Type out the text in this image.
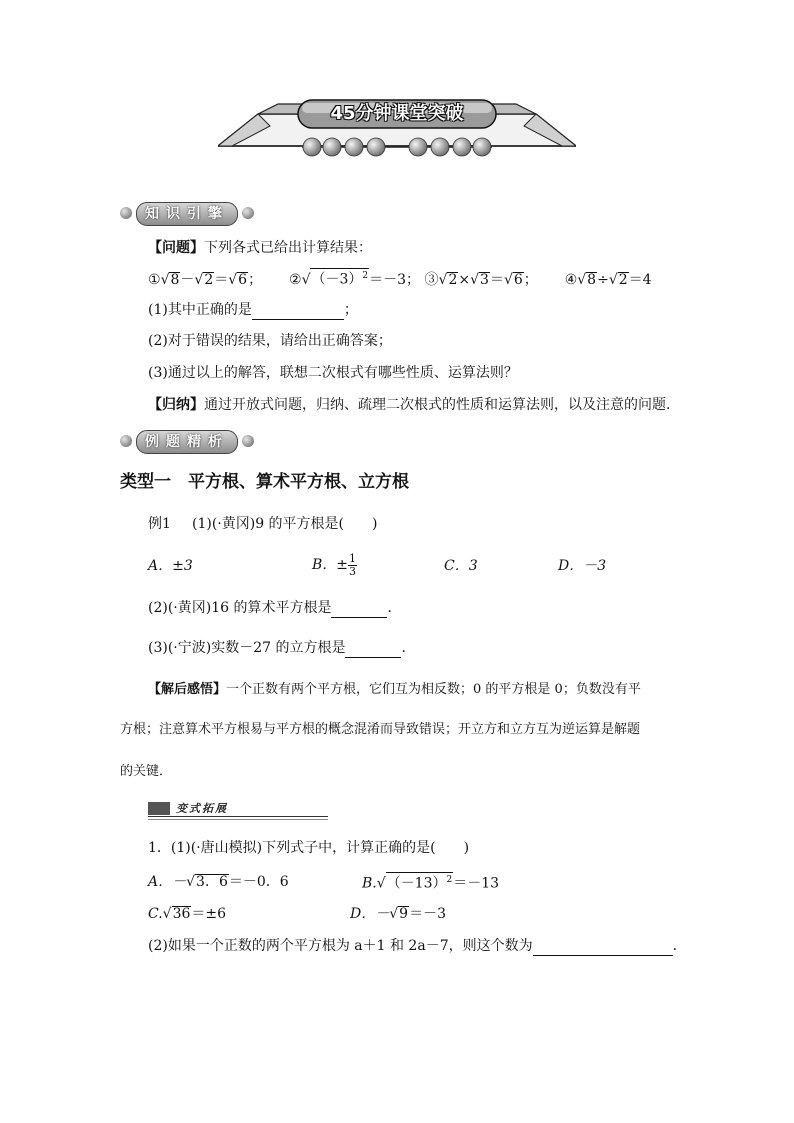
45分钟课堂突破
知识引擎
【问题】下列各式已给出计算结果：
①√8－√2＝√6； $②√(-3)^2=-3$； ③√2×√3＝√6； ④√8÷√2＝4
(1)其中正确的是	；
(2)对于错误的结果，请给出正确答案；
(3)通过以上的解答，联想二次根式有哪些性质、运算法则？
【归纳】通过开放式问题，归纳、疏理二次根式的性质和运算法则，以及注意的问题．
例题精析
类型一　平方根、算术平方根、立方根
例1 (1)(·黄冈)9 的平方根是(　　)
A．±3	B．± $\frac{1}{3}$	C．3	D．－3
(2)(·黄冈)16 的算术平方根是	．
(3)(·宁波)实数－27 的立方根是	．
【解后感悟】一个正数有两个平方根，它们互为相反数；0 的平方根是 0；负数没有平
方根；注意算术平方根易与平方根的概念混淆而导致错误；开立方和立方互为逆运算是解题
的关键．
变式拓展
1．(1)(·唐山模拟)下列式子中，计算正确的是(　　)
A．－√3．6＝－0．6	$B.√(-13)^2=-13$
C.√36＝±6	D．－√9＝－3
(2)如果一个正数的两个平方根为 a＋1 和 2a－7，则这个数为	．
